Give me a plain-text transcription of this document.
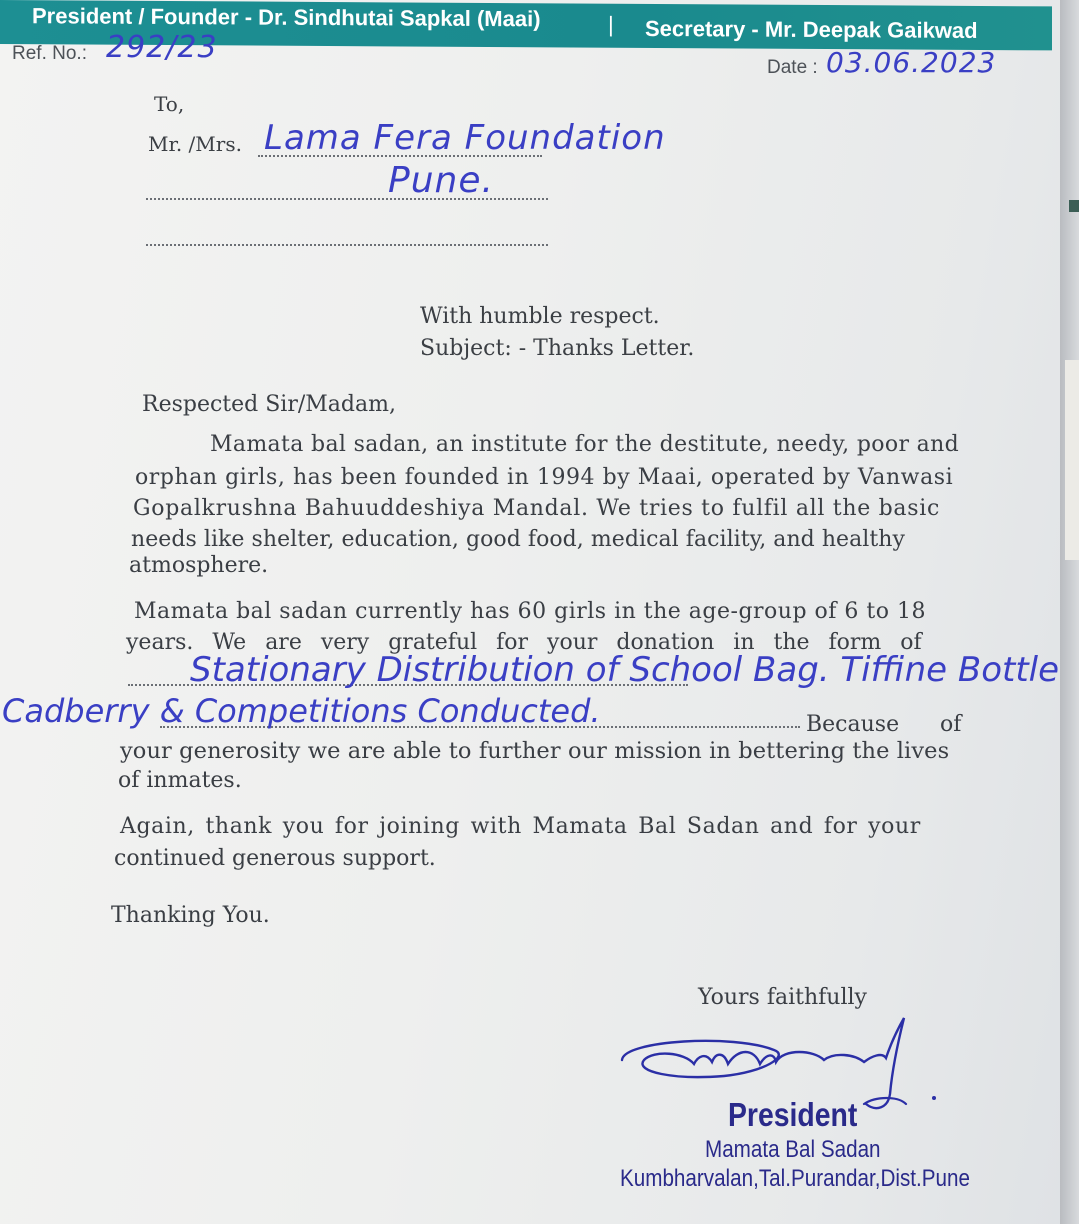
President / Founder - Dr. Sindhutai Sapkal (Maai)	| Secretary - Mr. Deepak Gaikwad
Ref. No.: 292/23
Date : 03.06.2023
To,
Mr. /Mrs. Lama Fera Foundation
Pune.
With humble respect.
Subject: - Thanks Letter.
Respected Sir/Madam,
Mamata bal sadan, an institute for the destitute, needy, poor and
orphan girls, has been founded in 1994 by Maai, operated by Vanwasi
Gopalkrushna Bahuuddeshiya Mandal. We tries to fulfil all the basic
needs like shelter, education, good food, medical facility, and healthy
atmosphere.
Mamata bal sadan currently has 60 girls in the age-group of 6 to 18
years. We are very grateful for your donation in the form of
Stationary Distribution of School Bag. Tiffine Bottle
Cadberry & Competitions Conducted.	Because of
your generosity we are able to further our mission in bettering the lives
of inmates.
Again, thank you for joining with Mamata Bal Sadan and for your
continued generous support.
Thanking You.
Yours faithfully
President
Mamata Bal Sadan
Kumbharvalan,Tal.Purandar,Dist.Pune
